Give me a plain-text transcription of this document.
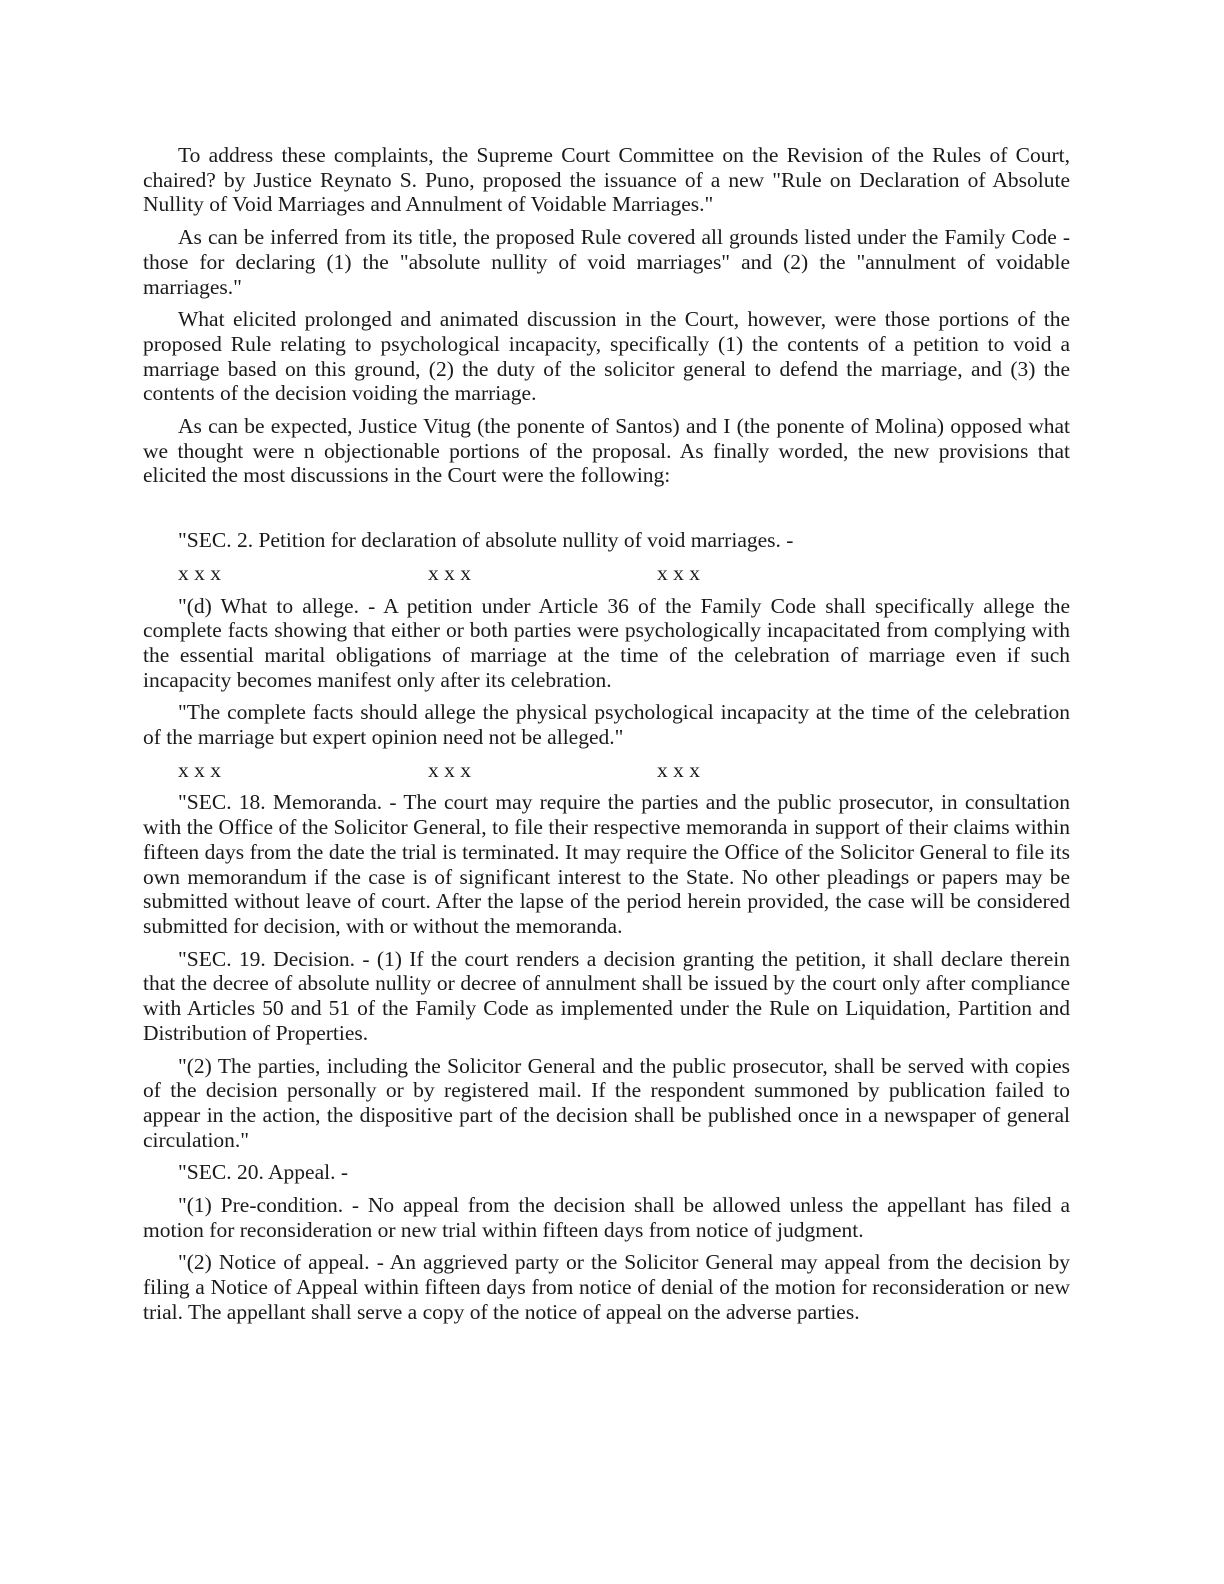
To address these complaints, the Supreme Court Committee on the Revision of the Rules of Court, chaired? by Justice Reynato S. Puno, proposed the issuance of a new "Rule on Declaration of Absolute Nullity of Void Marriages and Annulment of Voidable Marriages."

As can be inferred from its title, the proposed Rule covered all grounds listed under the Family Code - those for declaring (1) the "absolute nullity of void marriages" and (2) the "annulment of voidable marriages."

What elicited prolonged and animated discussion in the Court, however, were those portions of the proposed Rule relating to psychological incapacity, specifically (1) the contents of a petition to void a marriage based on this ground, (2) the duty of the solicitor general to defend the marriage, and (3) the contents of the decision voiding the marriage.

As can be expected, Justice Vitug (the ponente of Santos) and I (the ponente of Molina) opposed what we thought were n objectionable portions of the proposal. As finally worded, the new provisions that elicited the most discussions in the Court were the following:

"SEC. 2. Petition for declaration of absolute nullity of void marriages. -

x x x	x x x	x x x

"(d) What to allege. - A petition under Article 36 of the Family Code shall specifically allege the complete facts showing that either or both parties were psychologically incapacitated from complying with the essential marital obligations of marriage at the time of the celebration of marriage even if such incapacity becomes manifest only after its celebration.

"The complete facts should allege the physical psychological incapacity at the time of the celebration of the marriage but expert opinion need not be alleged."

x x x	x x x	x x x

"SEC. 18. Memoranda. - The court may require the parties and the public prosecutor, in consultation with the Office of the Solicitor General, to file their respective memoranda in support of their claims within fifteen days from the date the trial is terminated. It may require the Office of the Solicitor General to file its own memorandum if the case is of significant interest to the State. No other pleadings or papers may be submitted without leave of court. After the lapse of the period herein provided, the case will be considered submitted for decision, with or without the memoranda.

"SEC. 19. Decision. - (1) If the court renders a decision granting the petition, it shall declare therein that the decree of absolute nullity or decree of annulment shall be issued by the court only after compliance with Articles 50 and 51 of the Family Code as implemented under the Rule on Liquidation, Partition and Distribution of Properties.

"(2) The parties, including the Solicitor General and the public prosecutor, shall be served with copies of the decision personally or by registered mail. If the respondent summoned by publication failed to appear in the action, the dispositive part of the decision shall be published once in a newspaper of general circulation."

"SEC. 20. Appeal. -

"(1) Pre-condition. - No appeal from the decision shall be allowed unless the appellant has filed a motion for reconsideration or new trial within fifteen days from notice of judgment.

"(2) Notice of appeal. - An aggrieved party or the Solicitor General may appeal from the decision by filing a Notice of Appeal within fifteen days from notice of denial of the motion for reconsideration or new trial. The appellant shall serve a copy of the notice of appeal on the adverse parties.
